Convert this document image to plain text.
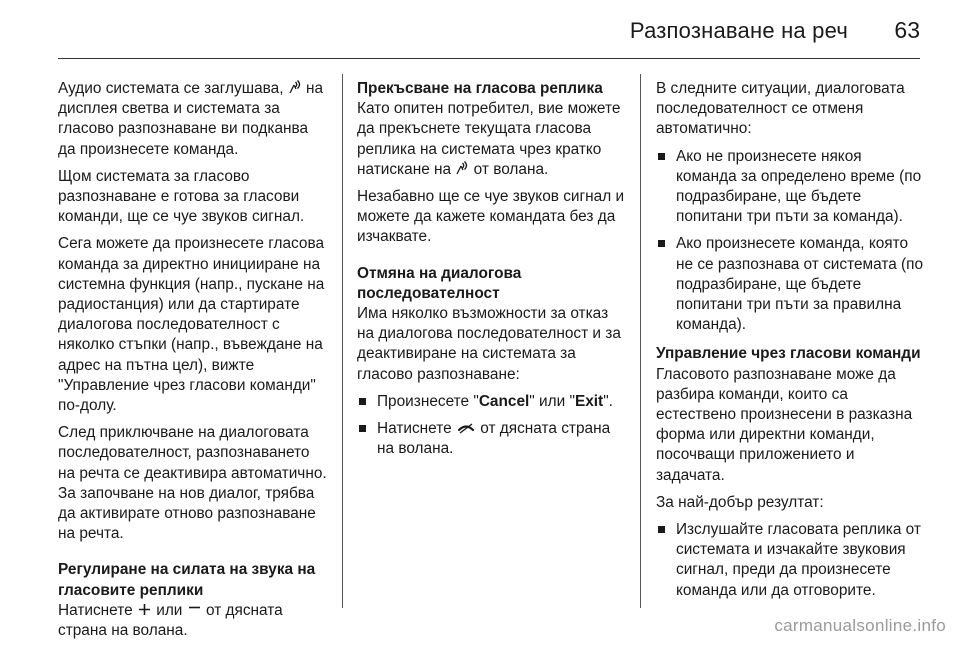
Разпознаване на реч 63

Аудио системата се заглушава, на дисплея светва и системата за гласово разпознаване ви подканва да произнесете команда.

Щом системата за гласово разпознаване е готова за гласови команди, ще се чуе звуков сигнал.

Сега можете да произнесете гласова команда за директно иницииране на системна функция (напр., пускане на радиостанция) или да стартирате диалогова последователност с няколко стъпки (напр., въвеждане на адрес на пътна цел), вижте "Управление чрез гласови команди" по-долу.

След приключване на диалоговата последователност, разпознаването на речта се деактивира автоматично. За започване на нов диалог, трябва да активирате отново разпознаване на речта.

Регулиране на силата на звука на гласовите реплики

Натиснете или от дясната страна на волана.

Прекъсване на гласова реплика

Като опитен потребител, вие можете да прекъснете текущата гласова реплика на системата чрез кратко натискане на от волана.

Незабавно ще се чуе звуков сигнал и можете да кажете командата без да изчаквате.

Отмяна на диалогова последователност

Има няколко възможности за отказ на диалогова последователност и за деактивиране на системата за гласово разпознаване:

Произнесете "Cancel" или "Exit".
Натиснете от дясната страна на волана.

В следните ситуации, диалоговата последователност се отменя автоматично:

Ако не произнесете някоя команда за определено време (по подразбиране, ще бъдете попитани три пъти за команда).
Ако произнесете команда, която не се разпознава от системата (по подразбиране, ще бъдете попитани три пъти за правилна команда).
Управление чрез гласови команди

Гласовото разпознаване може да разбира команди, които са естествено произнесени в разказна форма или директни команди, посочващи приложението и задачата.

За най-добър резултат:

Изслушайте гласовата реплика от системата и изчакайте звуковия сигнал, преди да произнесете команда или да отговорите.
carmanualsonline.info
